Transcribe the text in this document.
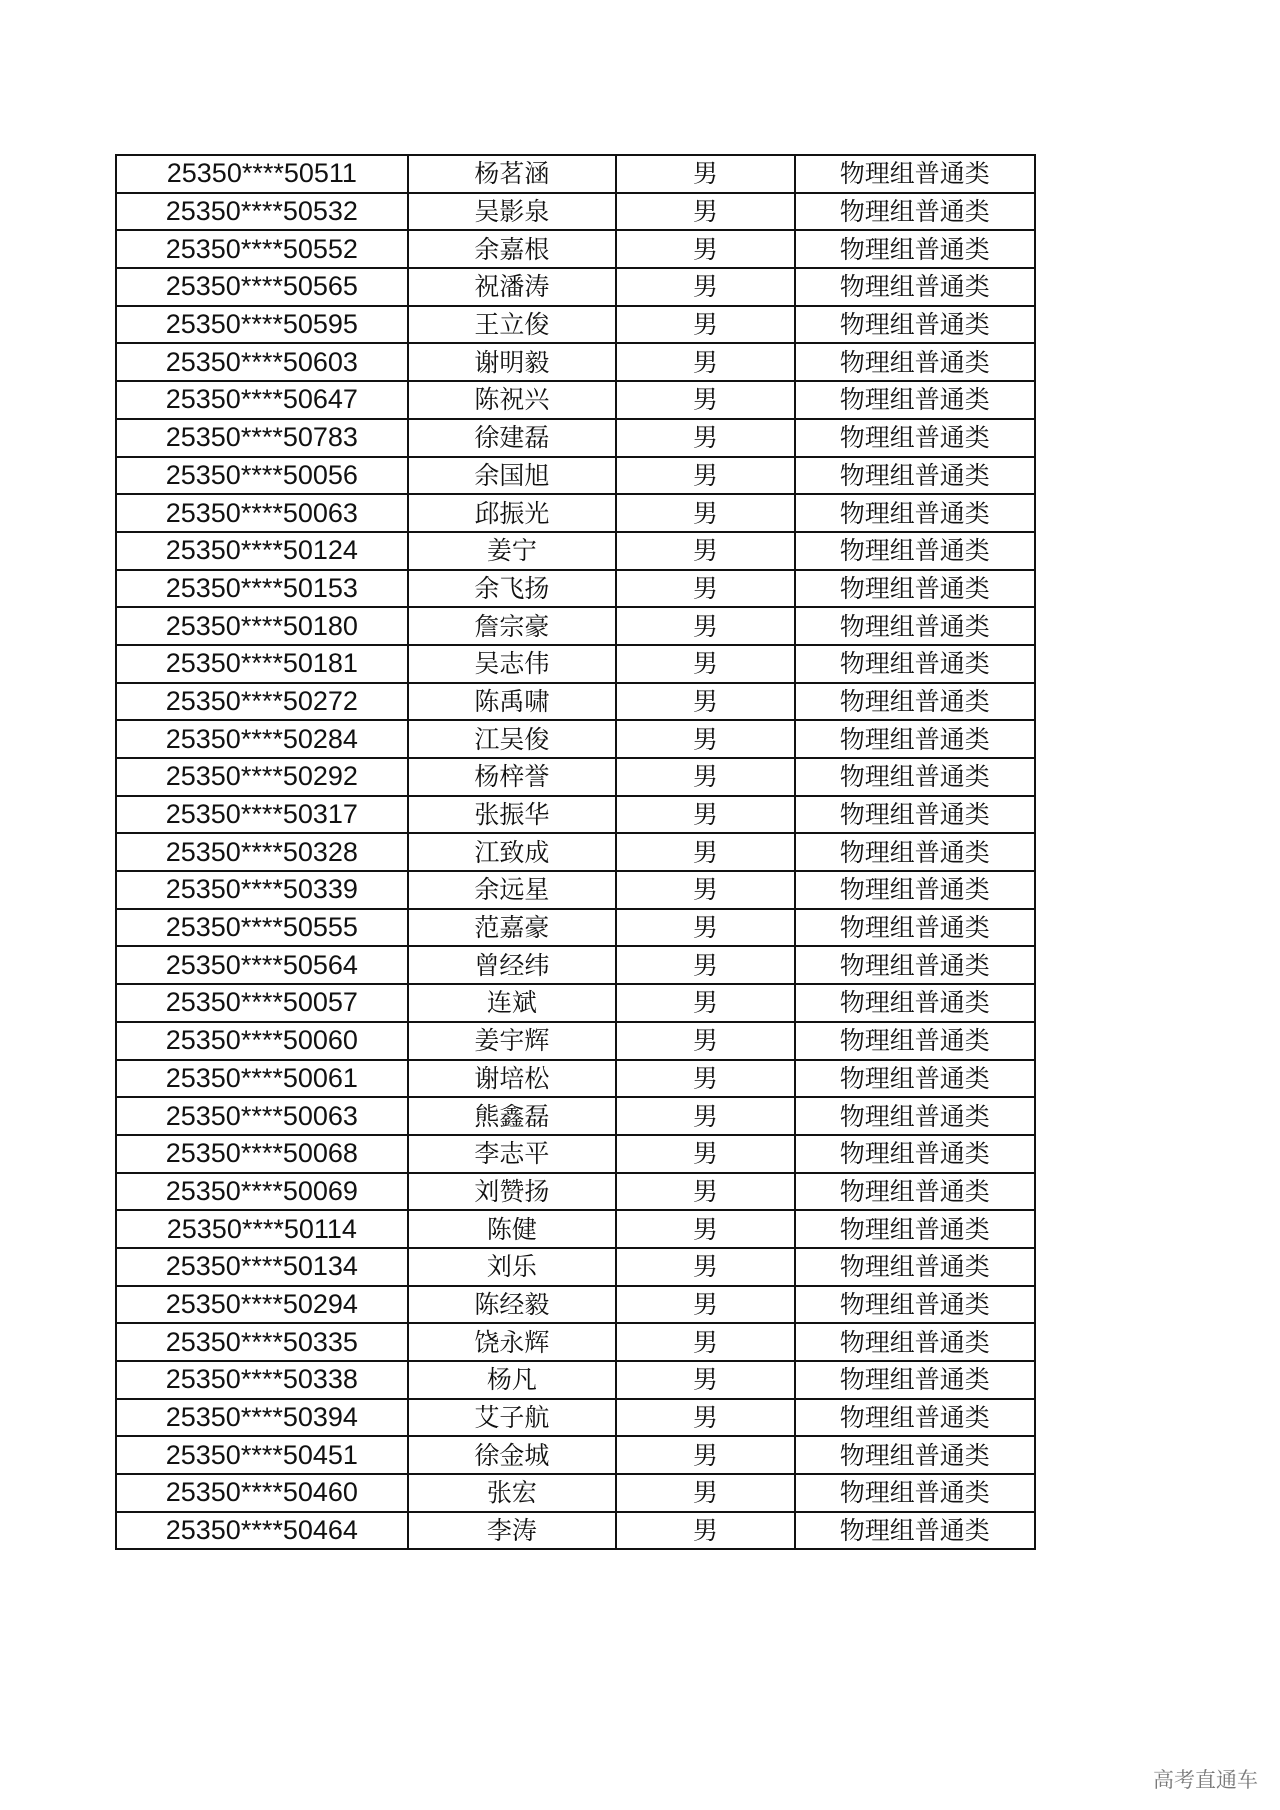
25350****50511	杨茗涵	男	物理组普通类
25350****50532	吴影泉	男	物理组普通类
25350****50552	余嘉根	男	物理组普通类
25350****50565	祝潘涛	男	物理组普通类
25350****50595	王立俊	男	物理组普通类
25350****50603	谢明毅	男	物理组普通类
25350****50647	陈祝兴	男	物理组普通类
25350****50783	徐建磊	男	物理组普通类
25350****50056	余国旭	男	物理组普通类
25350****50063	邱振光	男	物理组普通类
25350****50124	姜宁	男	物理组普通类
25350****50153	余飞扬	男	物理组普通类
25350****50180	詹宗豪	男	物理组普通类
25350****50181	吴志伟	男	物理组普通类
25350****50272	陈禹啸	男	物理组普通类
25350****50284	江吴俊	男	物理组普通类
25350****50292	杨梓誉	男	物理组普通类
25350****50317	张振华	男	物理组普通类
25350****50328	江致成	男	物理组普通类
25350****50339	余远星	男	物理组普通类
25350****50555	范嘉豪	男	物理组普通类
25350****50564	曾经纬	男	物理组普通类
25350****50057	连斌	男	物理组普通类
25350****50060	姜宇辉	男	物理组普通类
25350****50061	谢培松	男	物理组普通类
25350****50063	熊鑫磊	男	物理组普通类
25350****50068	李志平	男	物理组普通类
25350****50069	刘赞扬	男	物理组普通类
25350****50114	陈健	男	物理组普通类
25350****50134	刘乐	男	物理组普通类
25350****50294	陈经毅	男	物理组普通类
25350****50335	饶永辉	男	物理组普通类
25350****50338	杨凡	男	物理组普通类
25350****50394	艾子航	男	物理组普通类
25350****50451	徐金城	男	物理组普通类
25350****50460	张宏	男	物理组普通类
25350****50464	李涛	男	物理组普通类
高考直通车
